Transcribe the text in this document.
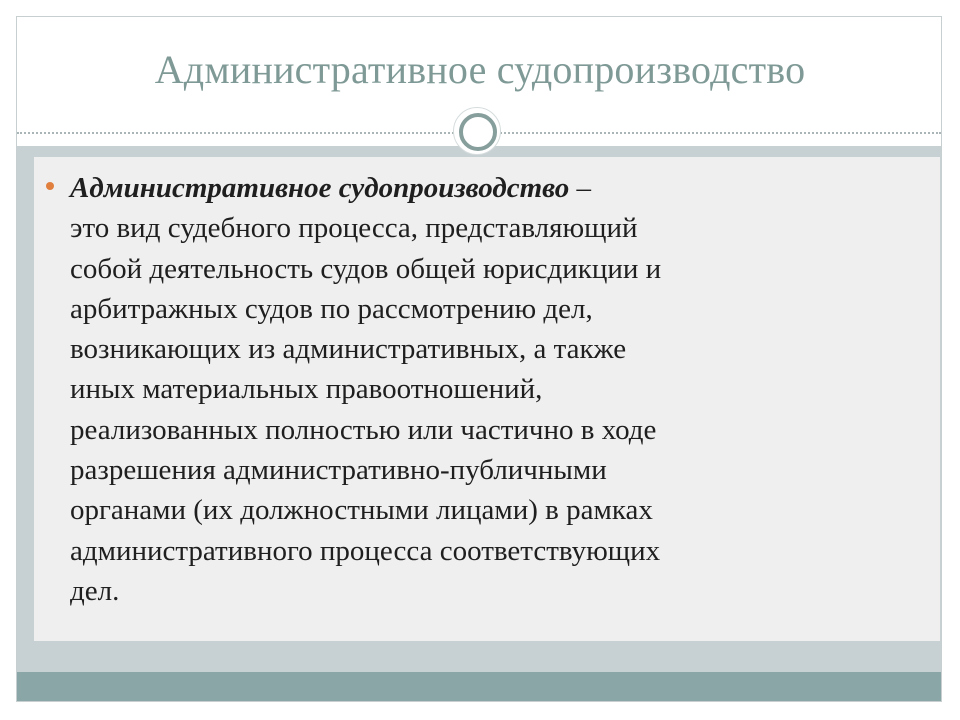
Административное судопроизводство
Административное судопроизводство –
это вид судебного процесса, представляющий
собой деятельность судов общей юрисдикции и
арбитражных судов по рассмотрению дел,
возникающих из административных, а также
иных материальных правоотношений,
реализованных полностью или частично в ходе
разрешения административно-публичными
органами (их должностными лицами) в рамках
административного процесса соответствующих
дел.
